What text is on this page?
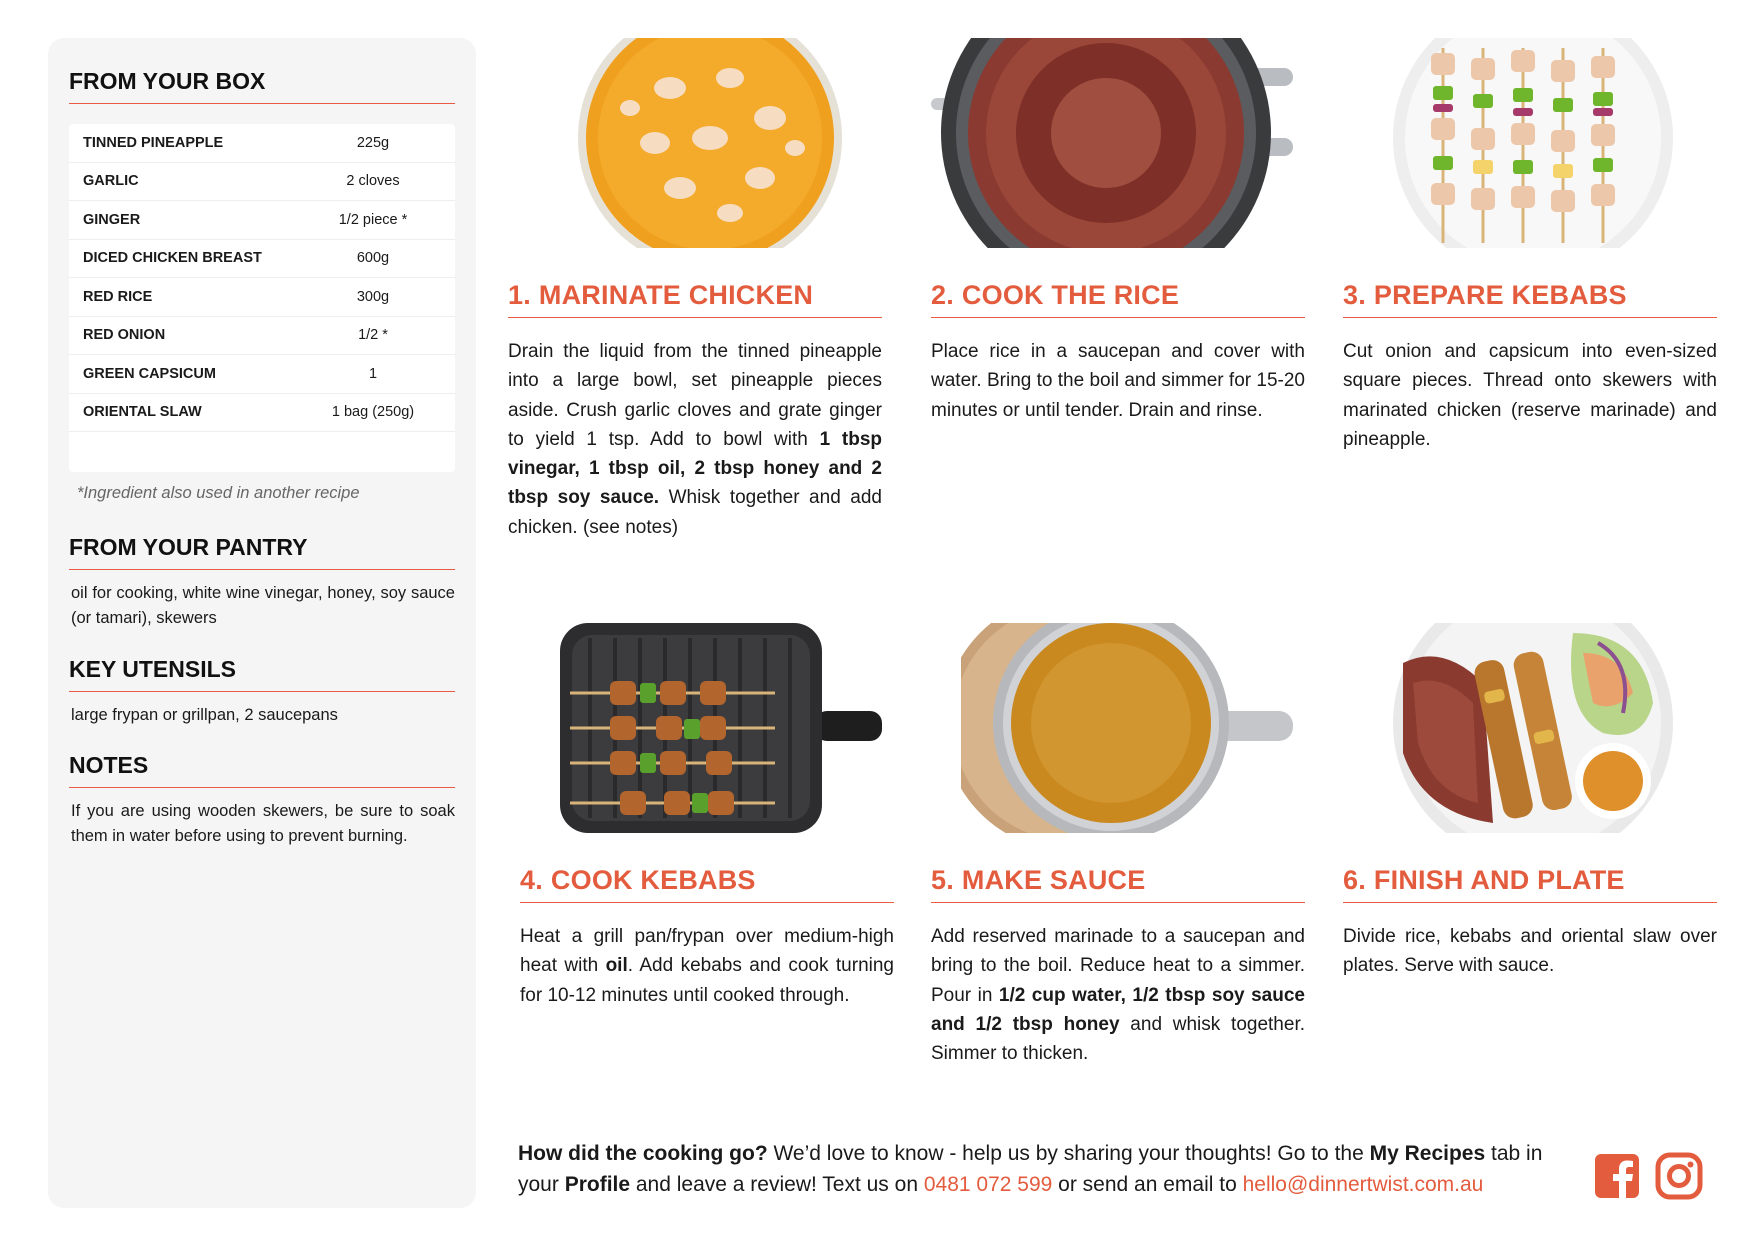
FROM YOUR BOX
TINNED PINEAPPLE	225g
GARLIC	2 cloves
GINGER	1/2 piece *
DICED CHICKEN BREAST	600g
RED RICE	300g
RED ONION	1/2 *
GREEN CAPSICUM	1
ORIENTAL SLAW	1 bag (250g)
*Ingredient also used in another recipe
FROM YOUR PANTRY
oil for cooking, white wine vinegar, honey, soy sauce (or tamari), skewers
KEY UTENSILS
large frypan or grillpan, 2 saucepans
NOTES
If you are using wooden skewers, be sure to soak them in water before using to prevent burning.
1. MARINATE CHICKEN
Drain the liquid from the tinned pineapple into a large bowl, set pineapple pieces aside. Crush garlic cloves and grate ginger to yield 1 tsp. Add to bowl with 1 tbsp vinegar, 1 tbsp oil, 2 tbsp honey and 2 tbsp soy sauce. Whisk together and add chicken. (see notes)
2. COOK THE RICE
Place rice in a saucepan and cover with water. Bring to the boil and simmer for 15-20 minutes or until tender. Drain and rinse.
3. PREPARE KEBABS
Cut onion and capsicum into even-sized square pieces. Thread onto skewers with marinated chicken (reserve marinade) and pineapple.
4. COOK KEBABS
Heat a grill pan/frypan over medium-high heat with oil. Add kebabs and cook turning for 10-12 minutes until cooked through.
5. MAKE SAUCE
Add reserved marinade to a saucepan and bring to the boil. Reduce heat to a simmer. Pour in 1/2 cup water, 1/2 tbsp soy sauce and 1/2 tbsp honey and whisk together. Simmer to thicken.
6. FINISH AND PLATE
Divide rice, kebabs and oriental slaw over plates. Serve with sauce.
How did the cooking go? We’d love to know - help us by sharing your thoughts! Go to the My Recipes tab in your Profile and leave a review! Text us on 0481 072 599 or send an email to hello@dinnertwist.com.au
